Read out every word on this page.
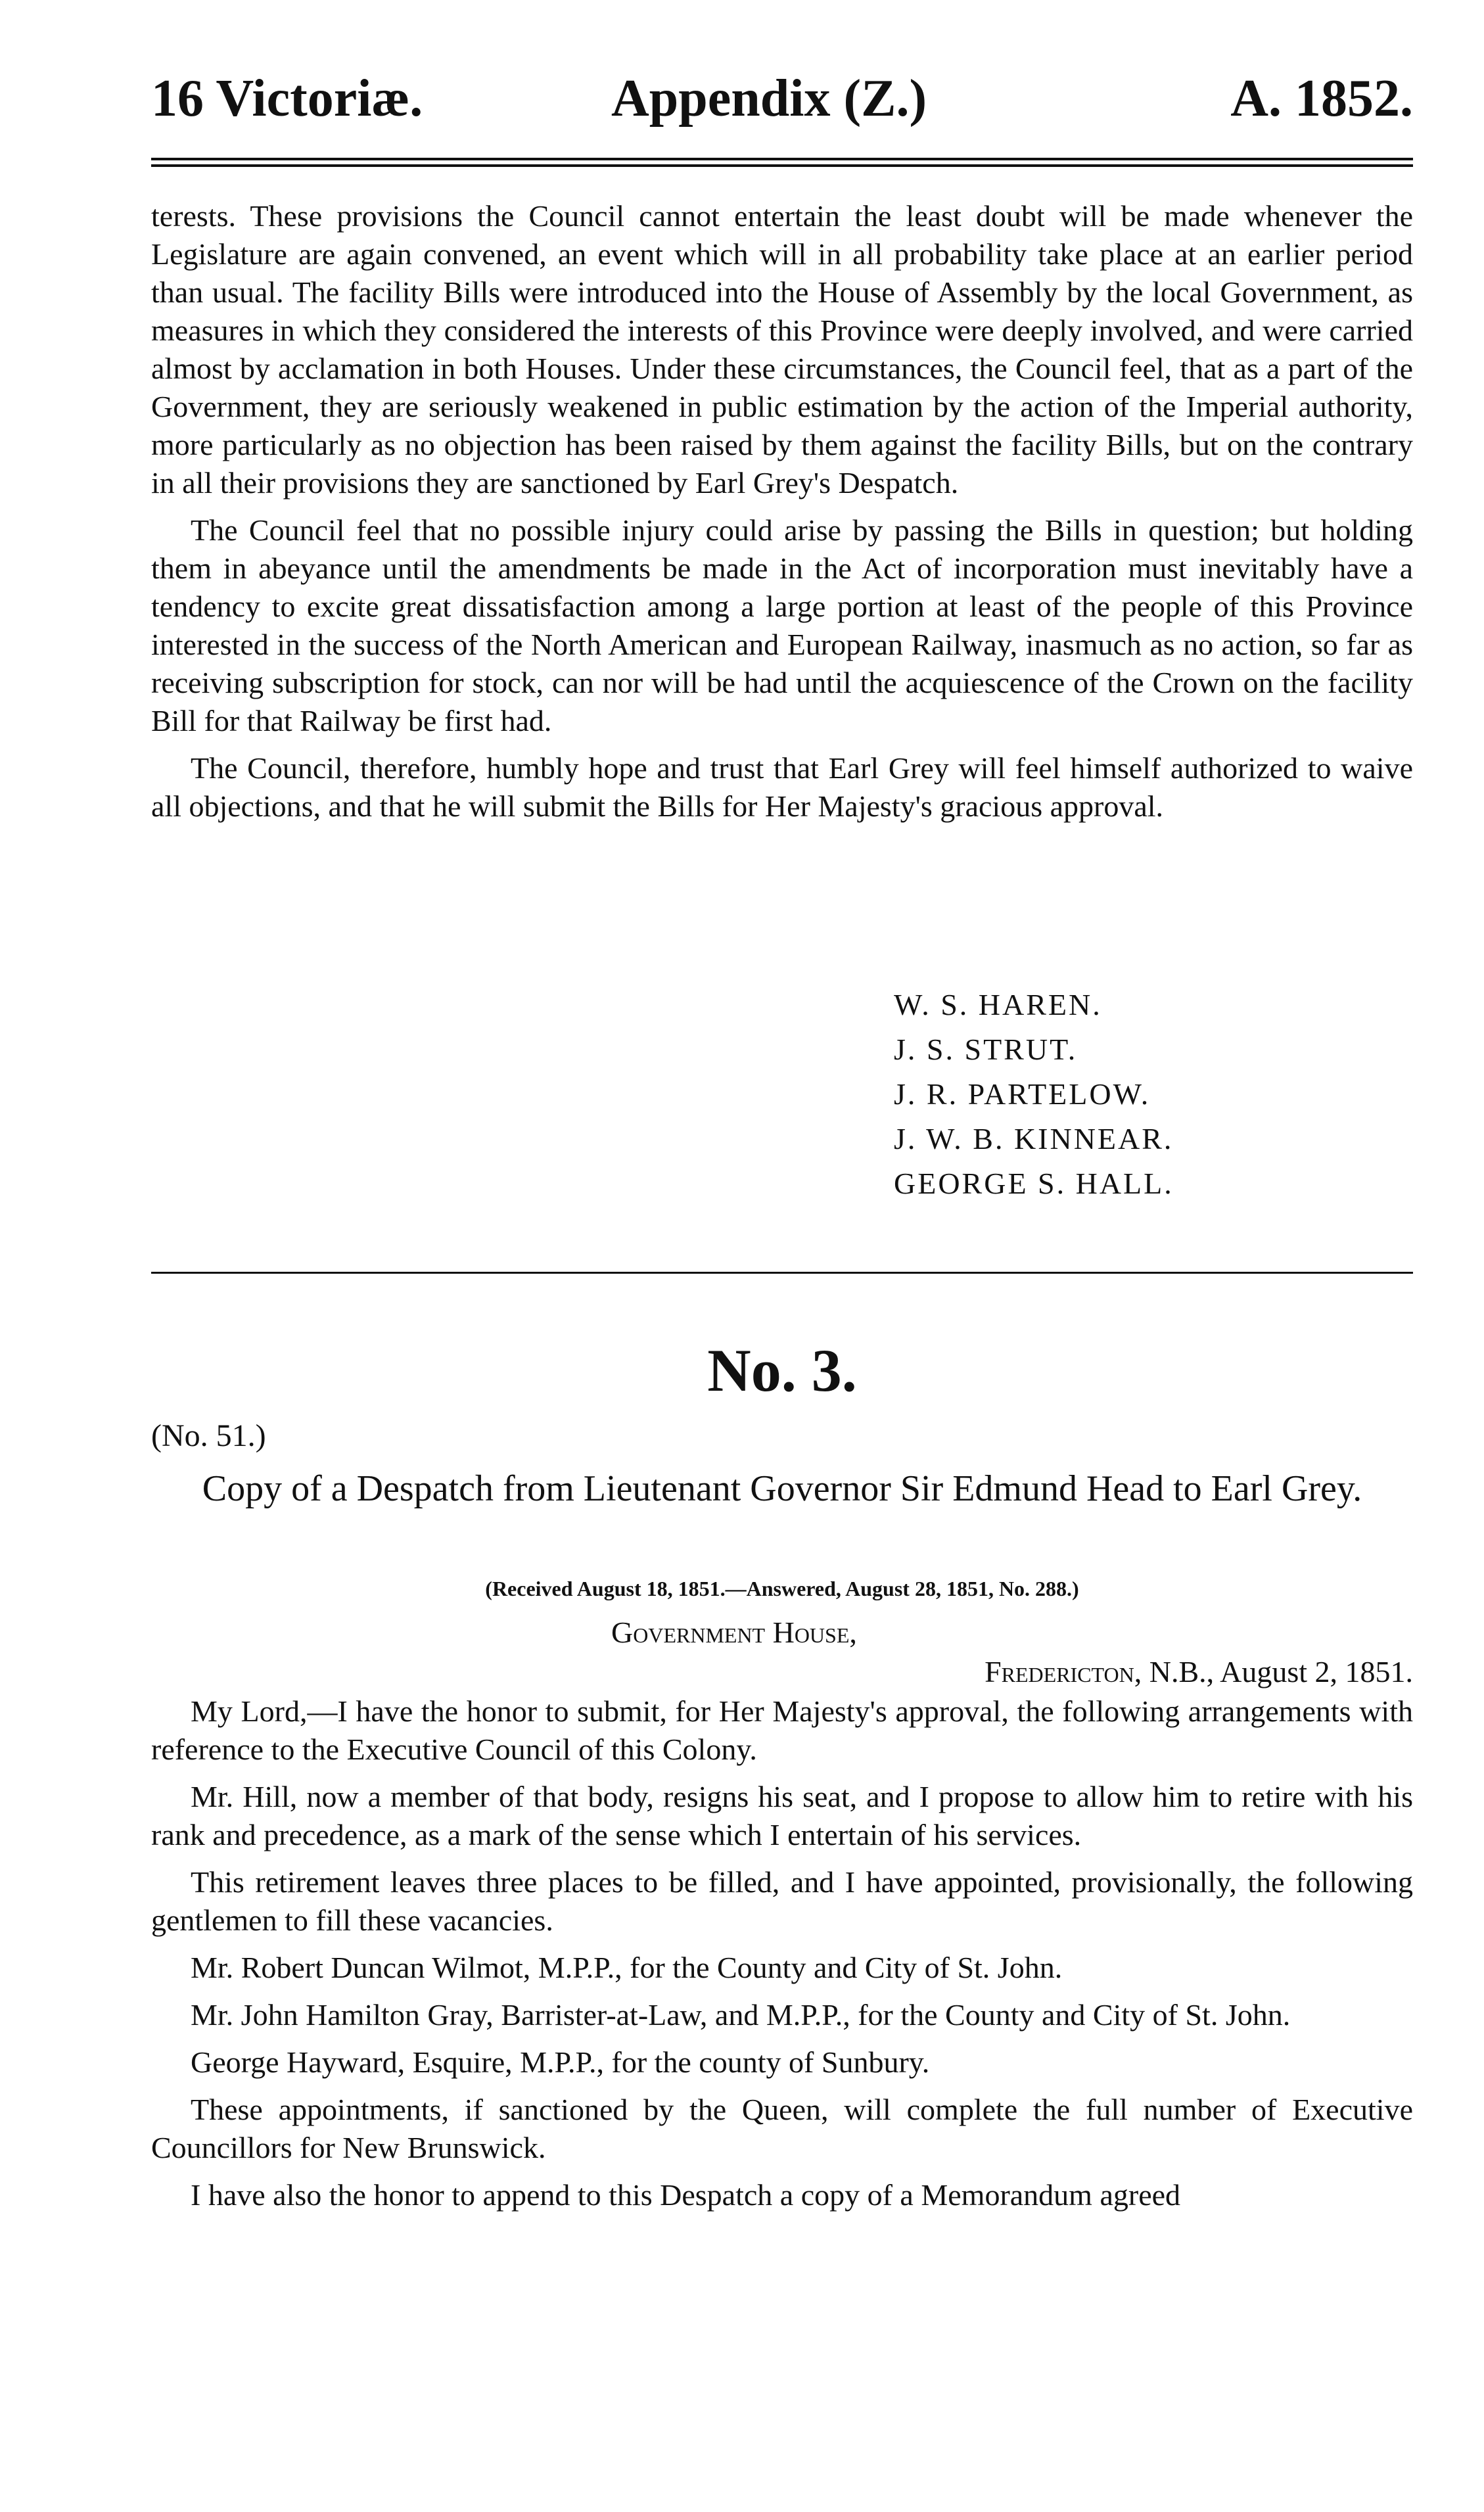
16 Victoriæ.	Appendix (Z.)	A. 1852.

terests. These provisions the Council cannot entertain the least doubt will be made whenever the Legislature are again convened, an event which will in all probability take place at an earlier period than usual. The facility Bills were introduced into the House of Assembly by the local Government, as measures in which they considered the interests of this Province were deeply involved, and were carried almost by acclamation in both Houses. Under these circumstances, the Council feel, that as a part of the Government, they are seriously weakened in public estimation by the action of the Imperial authority, more particularly as no objection has been raised by them against the facility Bills, but on the contrary in all their provisions they are sanctioned by Earl Grey's Despatch.

The Council feel that no possible injury could arise by passing the Bills in question; but holding them in abeyance until the amendments be made in the Act of incorporation must inevitably have a tendency to excite great dissatisfaction among a large portion at least of the people of this Province interested in the success of the North American and European Railway, inasmuch as no action, so far as receiving subscription for stock, can nor will be had until the acquiescence of the Crown on the facility Bill for that Railway be first had.

The Council, therefore, humbly hope and trust that Earl Grey will feel himself authorized to waive all objections, and that he will submit the Bills for Her Majesty's gracious approval.

W. S. HAREN.
J. S. STRUT.
J. R. PARTELOW.
J. W. B. KINNEAR.
GEORGE S. HALL.
No. 3.
(No. 51.)
Copy of a Despatch from Lieutenant Governor Sir Edmund Head to Earl Grey.
(Received August 18, 1851.—Answered, August 28, 1851, No. 288.)
Government House,
Fredericton, N.B., August 2, 1851.

My Lord,—I have the honor to submit, for Her Majesty's approval, the following arrangements with reference to the Executive Council of this Colony.

Mr. Hill, now a member of that body, resigns his seat, and I propose to allow him to retire with his rank and precedence, as a mark of the sense which I entertain of his services.

This retirement leaves three places to be filled, and I have appointed, provisionally, the following gentlemen to fill these vacancies.

Mr. Robert Duncan Wilmot, M.P.P., for the County and City of St. John.

Mr. John Hamilton Gray, Barrister-at-Law, and M.P.P., for the County and City of St. John.

George Hayward, Esquire, M.P.P., for the county of Sunbury.

These appointments, if sanctioned by the Queen, will complete the full number of Executive Councillors for New Brunswick.

I have also the honor to append to this Despatch a copy of a Memorandum agreed
